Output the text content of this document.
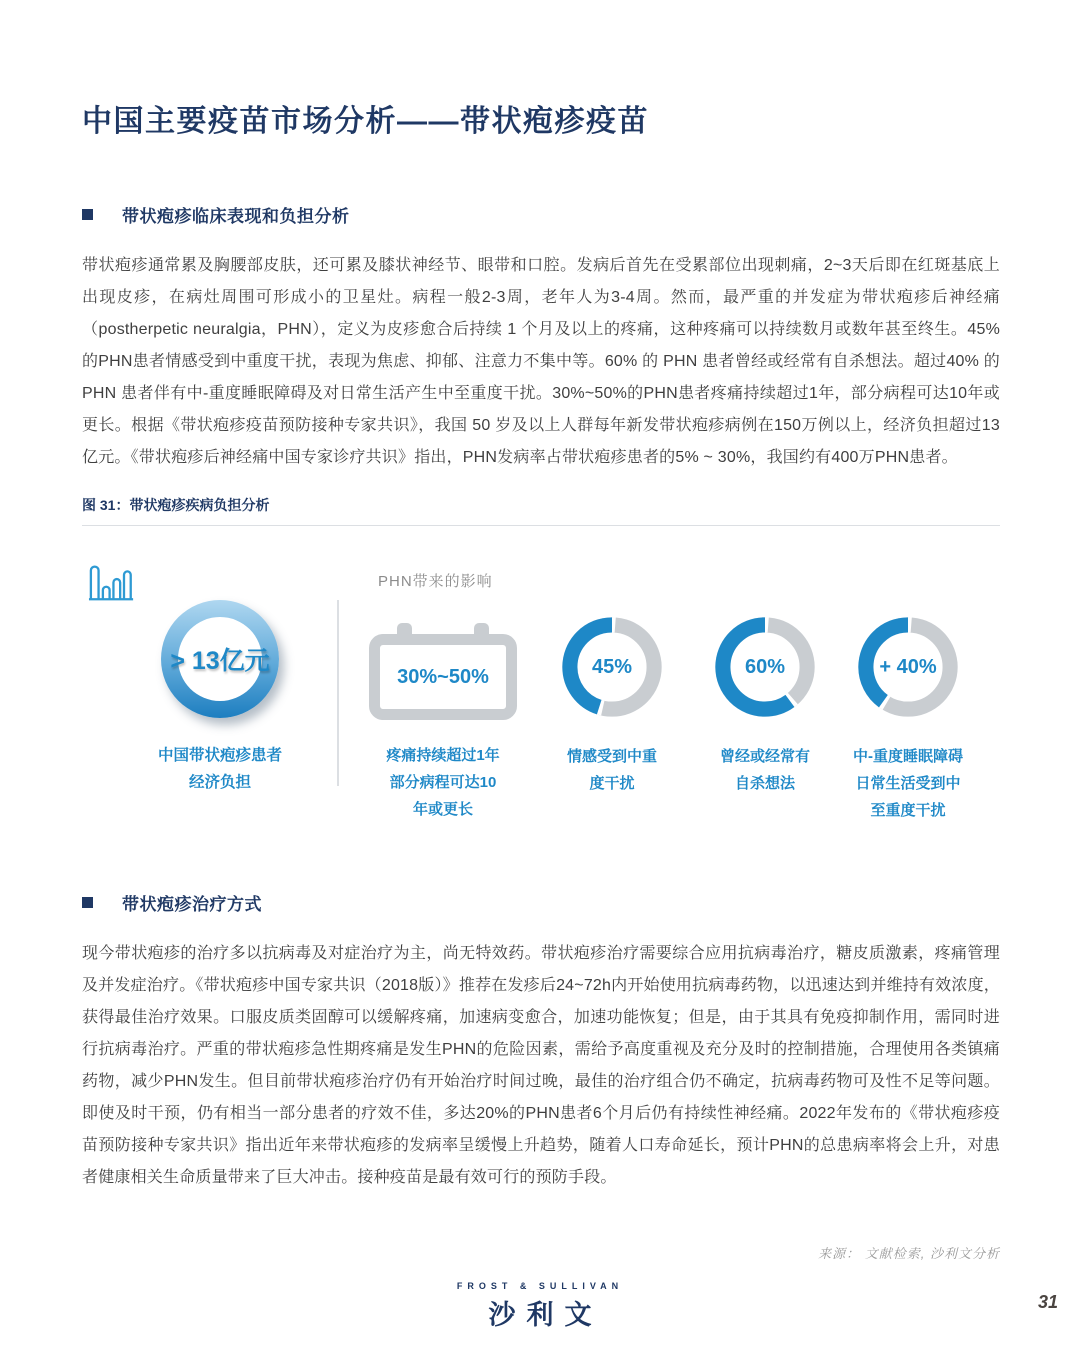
中国主要疫苗市场分析——带状疱疹疫苗
带状疱疹临床表现和负担分析

带状疱疹通常累及胸腰部皮肤，还可累及膝状神经节、眼带和口腔。发病后首先在受累部位出现刺痛，2~3天后即在红斑基底上出现皮疹，在病灶周围可形成小的卫星灶。病程一般2-3周，老年人为3-4周。然而，最严重的并发症为带状疱疹后神经痛（postherpetic neuralgia，PHN），定义为皮疹愈合后持续 1 个月及以上的疼痛，这种疼痛可以持续数月或数年甚至终生。45%的PHN患者情感受到中重度干扰，表现为焦虑、抑郁、注意力不集中等。60% 的 PHN 患者曾经或经常有自杀想法。超过40% 的 PHN 患者伴有中-重度睡眠障碍及对日常生活产生中至重度干扰。30%~50%的PHN患者疼痛持续超过1年，部分病程可达10年或更长。根据《带状疱疹疫苗预防接种专家共识》，我国 50 岁及以上人群每年新发带状疱疹病例在150万例以上，经济负担超过13亿元。《带状疱疹后神经痛中国专家诊疗共识》指出，PHN发病率占带状疱疹患者的5% ~ 30%，我国约有400万PHN患者。

图 31：带状疱疹疾病负担分析
PHN带来的影响
> 13亿元
中国带状疱疹患者
经济负担
30%~50%
疼痛持续超过1年
部分病程可达10
年或更长
45%
情感受到中重
度干扰
60%
曾经或经常有
自杀想法
+ 40%
中-重度睡眠障碍
日常生活受到中
至重度干扰
带状疱疹治疗方式

现今带状疱疹的治疗多以抗病毒及对症治疗为主，尚无特效药。带状疱疹治疗需要综合应用抗病毒治疗，糖皮质激素，疼痛管理及并发症治疗。《带状疱疹中国专家共识（2018版）》推荐在发疹后24~72h内开始使用抗病毒药物，以迅速达到并维持有效浓度，获得最佳治疗效果。口服皮质类固醇可以缓解疼痛，加速病变愈合，加速功能恢复；但是，由于其具有免疫抑制作用，需同时进行抗病毒治疗。严重的带状疱疹急性期疼痛是发生PHN的危险因素，需给予高度重视及充分及时的控制措施，合理使用各类镇痛药物，减少PHN发生。但目前带状疱疹治疗仍有开始治疗时间过晚，最佳的治疗组合仍不确定，抗病毒药物可及性不足等问题。即使及时干预，仍有相当一部分患者的疗效不佳，多达20%的PHN患者6个月后仍有持续性神经痛。2022年发布的《带状疱疹疫苗预防接种专家共识》指出近年来带状疱疹的发病率呈缓慢上升趋势，随着人口寿命延长，预计PHN的总患病率将会上升，对患者健康相关生命质量带来了巨大冲击。接种疫苗是最有效可行的预防手段。

来源： 文献检索, 沙利文分析
FROST & SULLIVAN
沙利文	31
